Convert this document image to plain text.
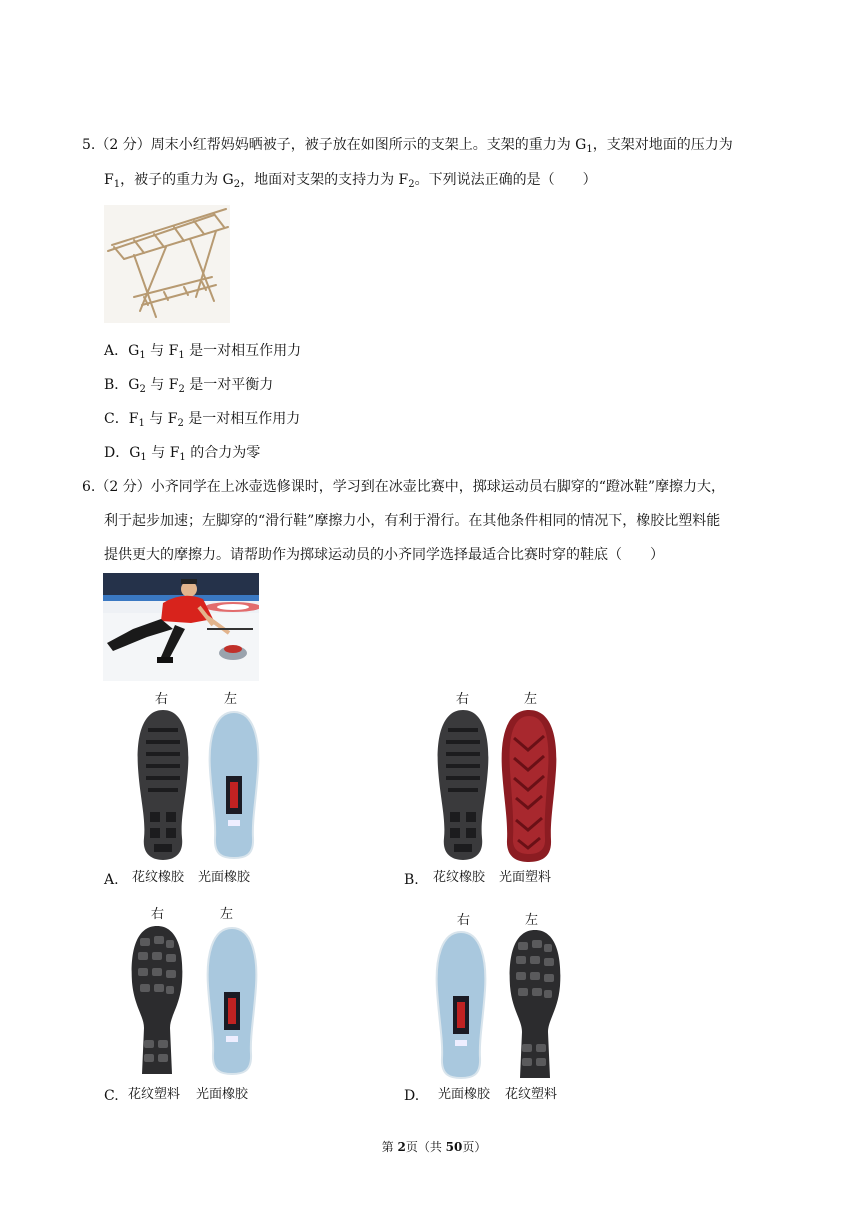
5.（2 分）周末小红帮妈妈晒被子，被子放在如图所示的支架上。支架的重力为 $G_1$，支架对地面的压力为
$F_1$，被子的重力为 $G_2$，地面对支架的支持力为 $F_2$。下列说法正确的是（　　）
A．$G_1$ 与 $F_1$ 是一对相互作用力
B．$G_2$ 与 $F_2$ 是一对平衡力
C．$F_1$ 与 $F_2$ 是一对相互作用力
D．$G_1$ 与 $F_1$ 的合力为零
6.（2 分）小齐同学在上冰壶选修课时，学习到在冰壶比赛中，掷球运动员右脚穿的“蹬冰鞋”摩擦力大，
利于起步加速；左脚穿的“滑行鞋”摩擦力小，有利于滑行。在其他条件相同的情况下，橡胶比塑料能
提供更大的摩擦力。请帮助作为掷球运动员的小齐同学选择最适合比赛时穿的鞋底（　　）
右	左
A. 花纹橡胶 光面橡胶
右	左
B. 花纹橡胶 光面塑料
右	左
C. 花纹塑料 光面橡胶
右	左
D. 光面橡胶 花纹塑料
第 2页（共 50页）
